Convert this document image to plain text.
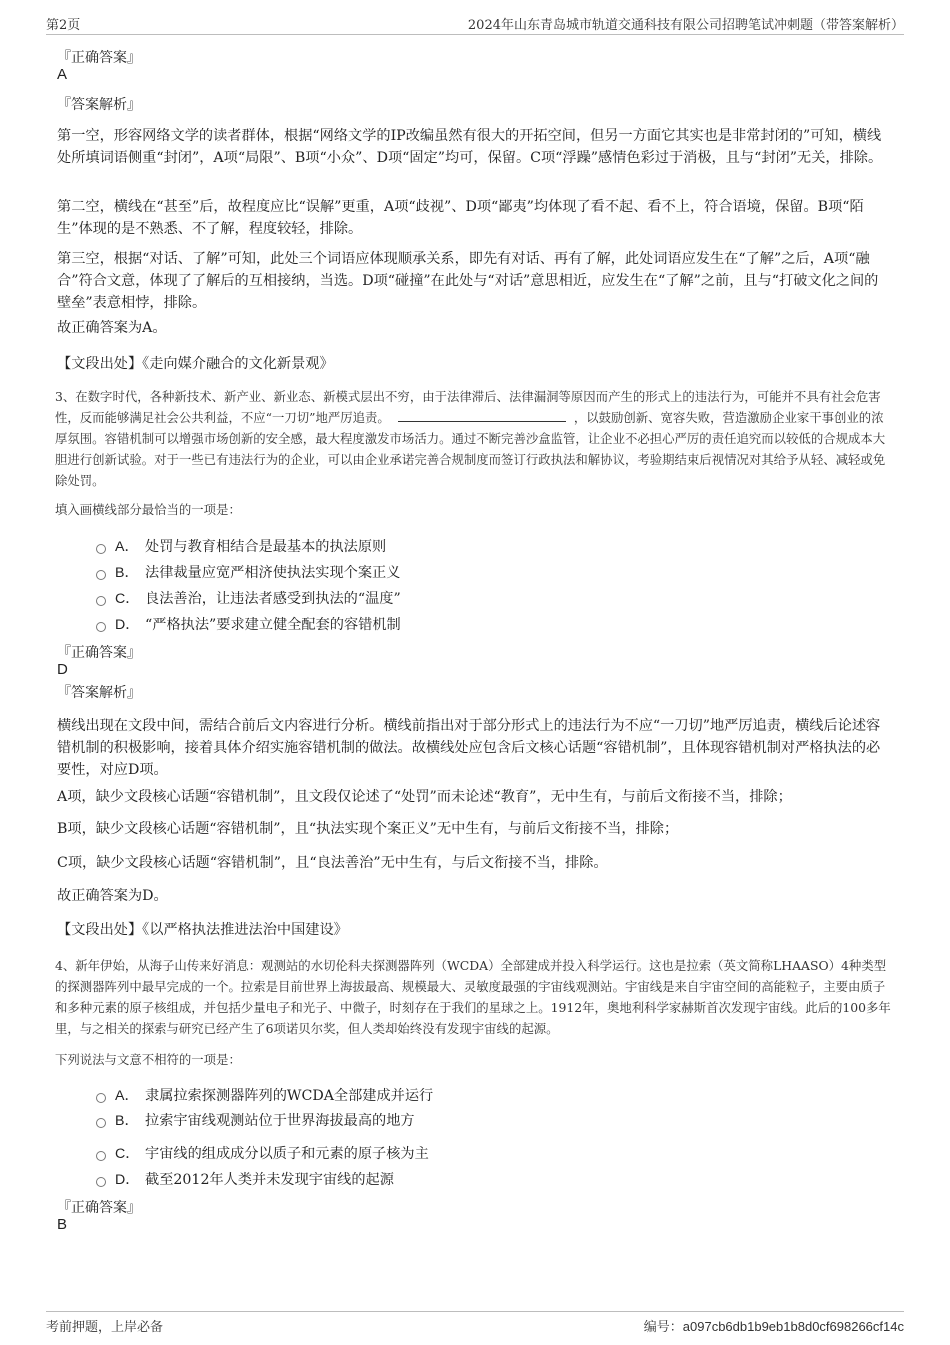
第2页	2024年山东青岛城市轨道交通科技有限公司招聘笔试冲刺题（带答案解析）
『正确答案』
A
『答案解析』
第一空，形容网络文学的读者群体，根据“网络文学的IP改编虽然有很大的开拓空间，但另一方面它其实也是非常封闭的”可知，横线处所填词语侧重“封闭”，A项“局限”、B项“小众”、D项“固定”均可，保留。C项“浮躁”感情色彩过于消极，且与“封闭”无关，排除。
第二空，横线在“甚至”后，故程度应比“误解”更重，A项“歧视”、D项“鄙夷”均体现了看不起、看不上，符合语境，保留。B项“陌生”体现的是不熟悉、不了解，程度较轻，排除。
第三空，根据“对话、了解”可知，此处三个词语应体现顺承关系，即先有对话、再有了解，此处词语应发生在“了解”之后，A项“融合”符合文意，体现了了解后的互相接纳，当选。D项“碰撞”在此处与“对话”意思相近，应发生在“了解”之前，且与“打破文化之间的壁垒”表意相悖，排除。
故正确答案为A。
【文段出处】《走向媒介融合的文化新景观》
3、在数字时代，各种新技术、新产业、新业态、新模式层出不穷，由于法律滞后、法律漏洞等原因而产生的形式上的违法行为，可能并不具有社会危害性，反而能够满足社会公共利益，不应“一刀切”地严厉追责。	，以鼓励创新、宽容失败，营造激励企业家干事创业的浓厚氛围。容错机制可以增强市场创新的安全感，最大程度激发市场活力。通过不断完善沙盒监管，让企业不必担心严厉的责任追究而以较低的合规成本大胆进行创新试验。对于一些已有违法行为的企业，可以由企业承诺完善合规制度而签订行政执法和解协议，考验期结束后视情况对其给予从轻、减轻或免除处罚。
填入画横线部分最恰当的一项是：
A． 处罚与教育相结合是最基本的执法原则
B． 法律裁量应宽严相济使执法实现个案正义
C． 良法善治，让违法者感受到执法的“温度”
D． “严格执法”要求建立健全配套的容错机制
『正确答案』
D
『答案解析』
横线出现在文段中间，需结合前后文内容进行分析。横线前指出对于部分形式上的违法行为不应“一刀切”地严厉追责，横线后论述容错机制的积极影响，接着具体介绍实施容错机制的做法。故横线处应包含后文核心话题“容错机制”，且体现容错机制对严格执法的必要性，对应D项。
A项，缺少文段核心话题“容错机制”，且文段仅论述了“处罚”而未论述“教育”，无中生有，与前后文衔接不当，排除；
B项，缺少文段核心话题“容错机制”，且“执法实现个案正义”无中生有，与前后文衔接不当，排除；
C项，缺少文段核心话题“容错机制”，且“良法善治”无中生有，与后文衔接不当，排除。
故正确答案为D。
【文段出处】《以严格执法推进法治中国建设》
4、新年伊始，从海子山传来好消息：观测站的水切伦科夫探测器阵列（WCDA）全部建成并投入科学运行。这也是拉索（英文简称LHAASO）4种类型的探测器阵列中最早完成的一个。拉索是目前世界上海拔最高、规模最大、灵敏度最强的宇宙线观测站。宇宙线是来自宇宙空间的高能粒子，主要由质子和多种元素的原子核组成，并包括少量电子和光子、中微子，时刻存在于我们的星球之上。1912年，奥地利科学家赫斯首次发现宇宙线。此后的100多年里，与之相关的探索与研究已经产生了6项诺贝尔奖，但人类却始终没有发现宇宙线的起源。
下列说法与文意不相符的一项是：
A． 隶属拉索探测器阵列的WCDA全部建成并运行
B． 拉索宇宙线观测站位于世界海拔最高的地方
C． 宇宙线的组成成分以质子和元素的原子核为主
D． 截至2012年人类并未发现宇宙线的起源
『正确答案』
B
考前押题，上岸必备	编号：a097cb6db1b9eb1b8d0cf698266cf14c
